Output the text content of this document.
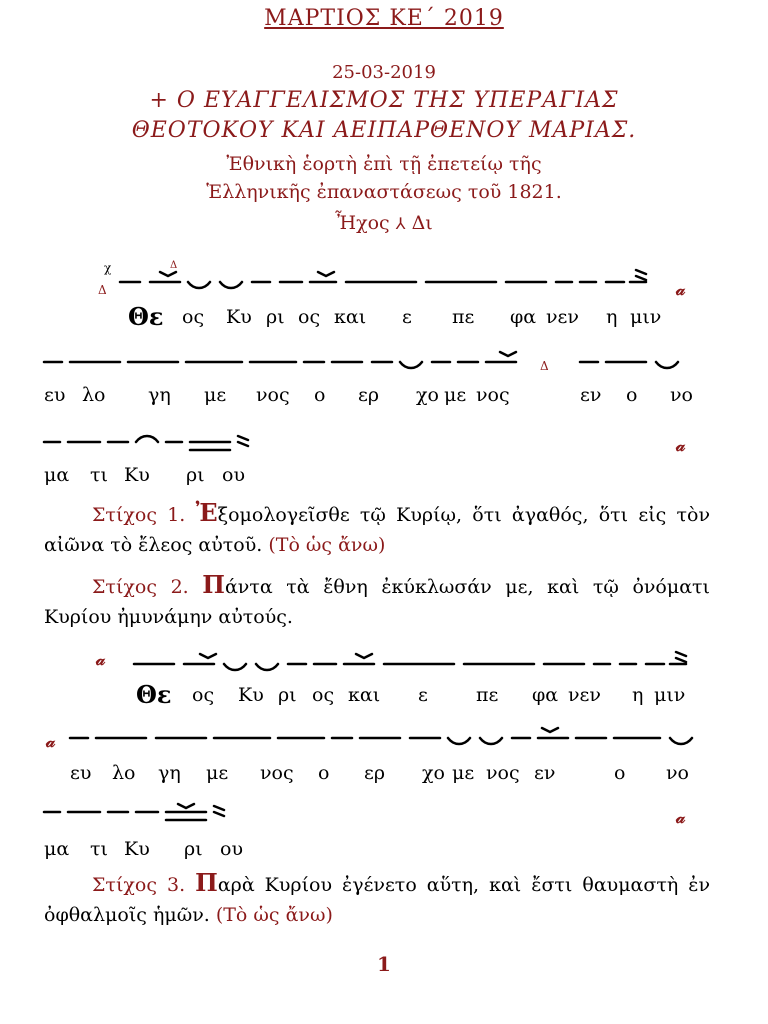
ΜΑΡΤΙΟΣ ΚΕ΄ 2019
25-03-2019
+ Ο ΕΥΑΓΓΕΛΙΣΜΟΣ ΤΗΣ ΥΠΕΡΑΓΙΑΣ
ΘΕΟΤΟΚΟΥ ΚΑΙ ΑΕΙΠΑΡΘΕΝΟΥ ΜΑΡΙΑΣ.
Ἐθνικὴ ἑορτὴ ἐπὶ τῇ ἐπετείῳ τῆς
Ἑλληνικῆς ἐπαναστάσεως τοῦ 1821.
Ἦχος ⅄ Δι
χ	Δ
Δ	𝒶
Θε ος Κυ ρι ος και ε πε φα νεν η μιν
Δ
ευ λο γη με νος ο ερ χο με νος	εν ο νο
𝒶
μα τι Κυ ρι ου
Στίχος 1. Ἐξομολογεῖσθε τῷ Κυρίῳ, ὅτι ἀγαθός, ὅτι εἰς τὸν αἰῶνα τὸ ἔλεος αὐτοῦ. (Τὸ ὡς ἄνω)
Στίχος 2. Πάντα τὰ ἔθνη ἐκύκλωσάν με, καὶ τῷ ὀνόματι Κυρίου ἠμυνάμην αὐτούς.
𝒶
Θε ος Κυ ρι ος και ε	πε φα νεν η μιν
𝒶
ευ λο γη με νος ο ερ χο με νος εν	ο νο
𝒶
μα τι Κυ ρι ου
Στίχος 3. Παρὰ Κυρίου ἐγένετο αὕτη, καὶ ἔστι θαυμαστὴ ἐν ὀφθαλμοῖς ἡμῶν. (Τὸ ὡς ἄνω)
1
